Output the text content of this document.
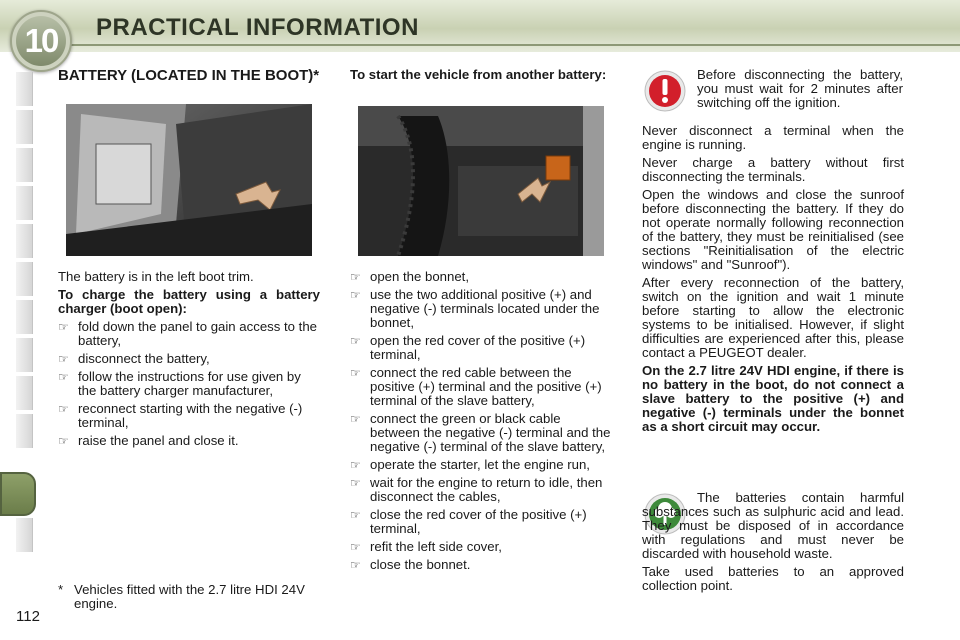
10	PRACTICAL INFORMATION
112

BATTERY (LOCATED IN THE BOOT)*

The battery is in the left boot trim.

To charge the battery using a battery charger (boot open):

☞ fold down the panel to gain access to the battery,
☞ disconnect the battery,
☞ follow the instructions for use given by the battery charger manufacturer,
☞ reconnect starting with the negative (-) terminal,
☞ raise the panel and close it.
* Vehicles fitted with the 2.7 litre HDI 24V engine.

To start the vehicle from another battery:

☞ open the bonnet,
☞ use the two additional positive (+) and negative (-) terminals located under the bonnet,
☞ open the red cover of the positive (+) terminal,
☞ connect the red cable between the positive (+) terminal and the positive (+) terminal of the slave battery,
☞ connect the green or black cable between the negative (-) terminal and the negative (-) terminal of the slave battery,
☞ operate the starter, let the engine run,
☞ wait for the engine to return to idle, then disconnect the cables,
☞ close the red cover of the positive (+) terminal,
☞ refit the left side cover,
☞ close the bonnet.

Before disconnecting the battery, you must wait for 2 minutes after switching off the ignition.

Never disconnect a terminal when the engine is running.

Never charge a battery without first disconnecting the terminals.

Open the windows and close the sunroof before disconnecting the battery. If they do not operate normally following reconnection of the battery, they must be reinitialised (see sections "Reinitialisation of the electric windows" and "Sunroof").

After every reconnection of the battery, switch on the ignition and wait 1 minute before starting to allow the electronic systems to be initialised. However, if slight difficulties are experienced after this, please contact a PEUGEOT dealer.

On the 2.7 litre 24V HDI engine, if there is no battery in the boot, do not connect a slave battery to the positive (+) and negative (-) terminals under the bonnet as a short circuit may occur.

The batteries contain harmful substances such as sulphuric acid and lead. They must be disposed of in accordance with regulations and must never be discarded with household waste.

Take used batteries to an approved collection point.
